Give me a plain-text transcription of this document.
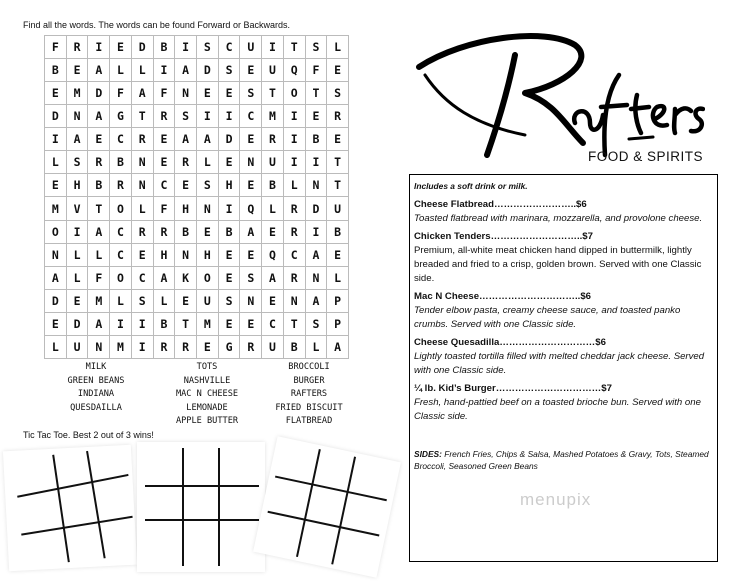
Find all the words. The words can be found Forward or Backwards.
F	R	I	E	D	B	I	S	C	U	I	T	S	L
B	E	A	L	L	I	A	D	S	E	U	Q	F	E
E	M	D	F	A	F	N	E	E	S	T	O	T	S
D	N	A	G	T	R	S	I	I	C	M	I	E	R
I	A	E	C	R	E	A	A	D	E	R	I	B	E
L	S	R	B	N	E	R	L	E	N	U	I	I	T
E	H	B	R	N	C	E	S	H	E	B	L	N	T
M	V	T	O	L	F	H	N	I	Q	L	R	D	U
O	I	A	C	R	R	B	E	B	A	E	R	I	B
N	L	L	C	E	H	N	H	E	E	Q	C	A	E
A	L	F	O	C	A	K	O	E	S	A	R	N	L
D	E	M	L	S	L	E	U	S	N	E	N	A	P
E	D	A	I	I	B	T	M	E	E	C	T	S	P
L	U	N	M	I	R	R	E	G	R	U	B	L	A
MILK
GREEN BEANS
INDIANA
QUESDAILLA
TOTS
NASHVILLE
MAC N CHEESE
LEMONADE
APPLE BUTTER
BROCCOLI
BURGER
RAFTERS
FRIED BISCUIT
FLATBREAD
Tic Tac Toe. Best 2 out of 3 wins!
FOOD & SPIRITS

Includes a soft drink or milk.

Cheese Flatbread……………………..$6

Toasted flatbread with marinara, mozzarella, and provolone cheese.

Chicken Tenders………………………..$7

Premium, all-white meat chicken hand dipped in buttermilk, lightly breaded and fried to a crisp, golden brown. Served with one Classic side.

Mac N Cheese…………………………..$6

Tender elbow pasta, creamy cheese sauce, and toasted panko crumbs. Served with one Classic side.

Cheese Quesadilla…………………………$6

Lightly toasted tortilla filled with melted cheddar jack cheese. Served with one Classic side.

¼ lb. Kid’s Burger……………………………$7

Fresh, hand-pattied beef on a toasted brioche bun. Served with one Classic side.

SIDES: French Fries, Chips & Salsa, Mashed Potatoes & Gravy, Tots, Steamed Broccoli, Seasoned Green Beans

menupix
